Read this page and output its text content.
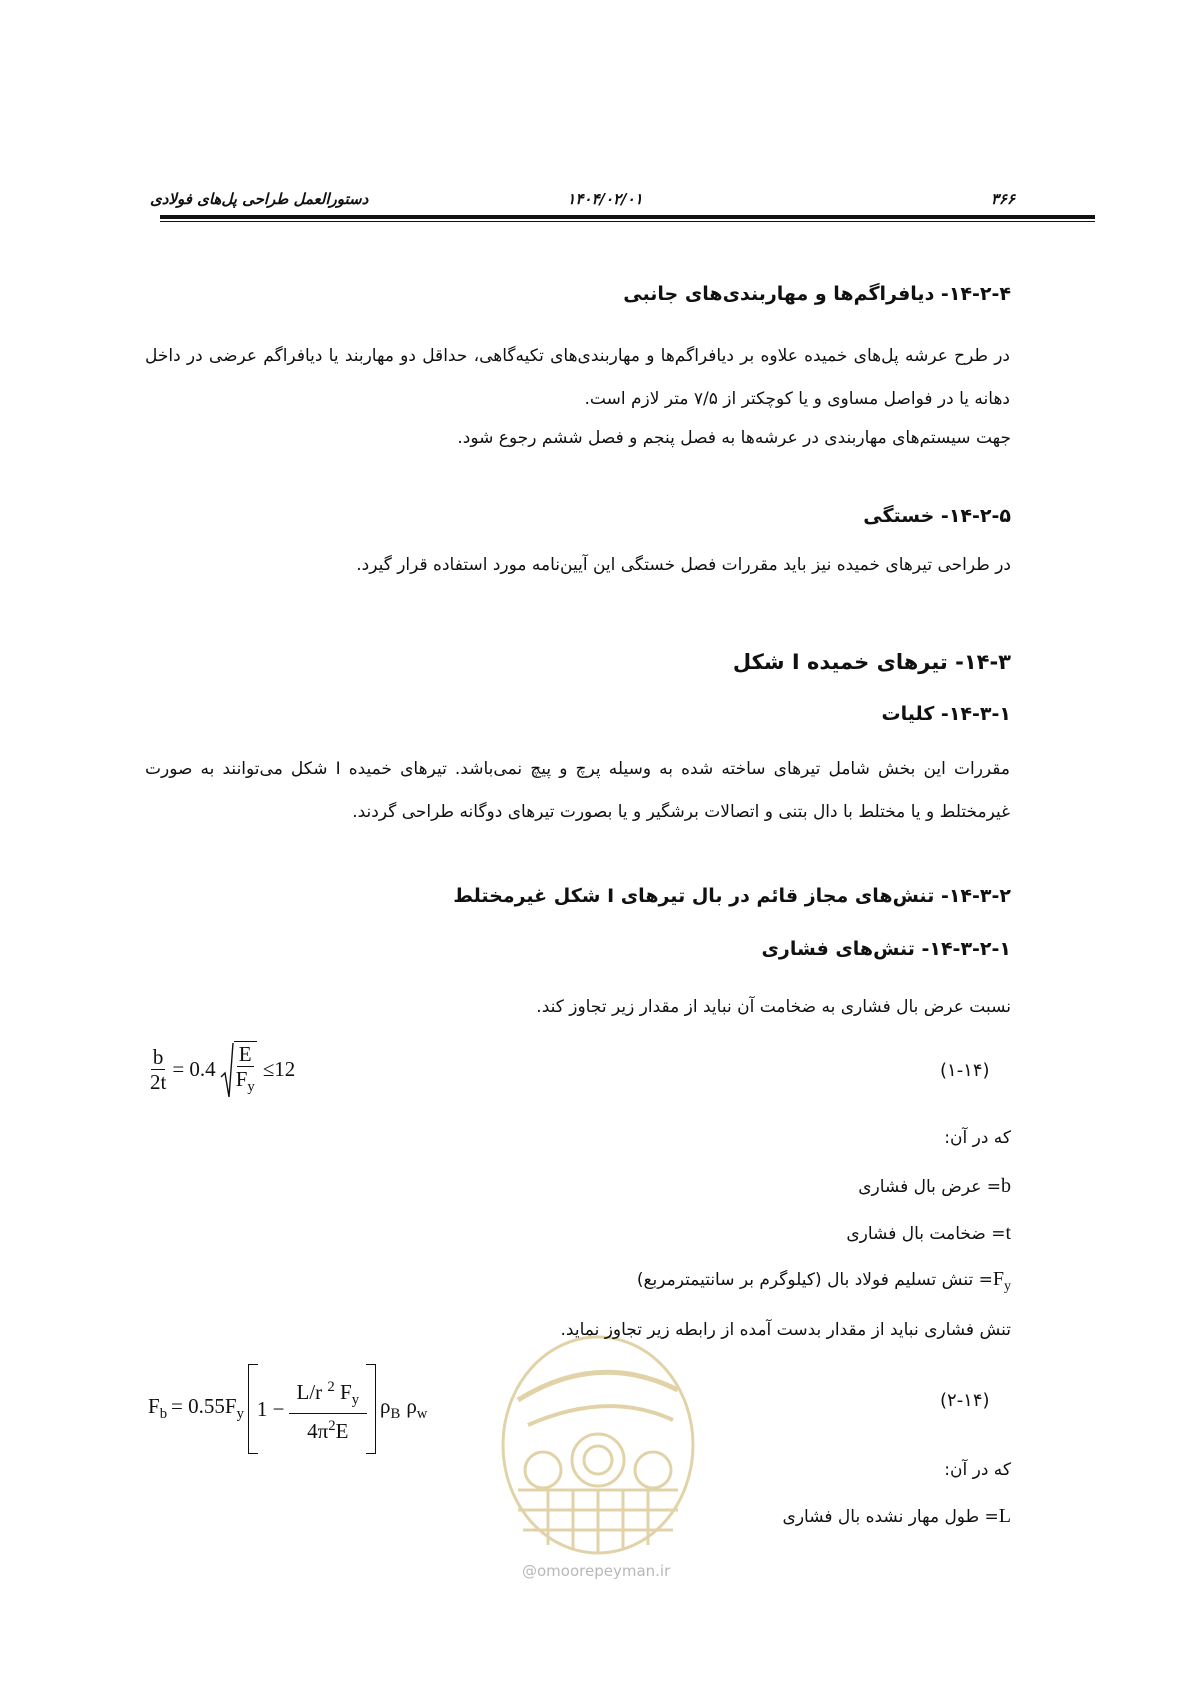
۳۶۶
۱۴۰۴/۰۲/۰۱
دستورالعمل طراحی پل‌های فولادی
۱۴-۲-۴- دیافراگم‌ها و مهاربندی‌های جانبی
در طرح عرشه پل‌های خمیده علاوه بر دیافراگم‌ها و مهاربندی‌های تکیه‌گاهی، حداقل دو مهاربند یا دیافراگم عرضی در داخل دهانه یا در فواصل مساوی و یا کوچکتر از ۷/۵ متر لازم است.
جهت سیستم‌های مهاربندی در عرشه‌ها به فصل پنجم و فصل ششم رجوع شود.
۱۴-۲-۵- خستگی
در طراحی تیرهای خمیده نیز باید مقررات فصل خستگی این آیین‌نامه مورد استفاده قرار گیرد.
۱۴-۳- تیرهای خمیده I شکل
۱۴-۳-۱- کلیات
مقررات این بخش شامل تیرهای ساخته شده به وسیله پرچ و پیچ نمی‌باشد. تیرهای خمیده I شکل می‌توانند به صورت غیرمختلط و یا مختلط با دال بتنی و اتصالات برشگیر و یا بصورت تیرهای دوگانه طراحی گردند.
۱۴-۳-۲- تنش‌های مجاز قائم در بال تیرهای I شکل غیرمختلط
۱۴-۳-۲-۱- تنش‌های فشاری
نسبت عرض بال فشاری به ضخامت آن نباید از مقدار زیر تجاوز کند.
$\frac{b}{2t} = 0.4 \frac{E}{F_y} \le 12$	(۱-۱۴)
که در آن:
b= عرض بال فشاری
t= ضخامت بال فشاری
$F_y=$ تنش تسلیم فولاد بال (کیلوگرم بر سانتیمترمربع)
@omoorepeyman.ir
تنش فشاری نباید از مقدار بدست آمده از رابطه زیر تجاوز نماید.
$F_b = 0.55F_y$ $1 - \frac{L/r ^2 F_y}{4\pi^2E} \rho_B$ $\rho_w$
(۲-۱۴)
که در آن:
L= طول مهار نشده بال فشاری
